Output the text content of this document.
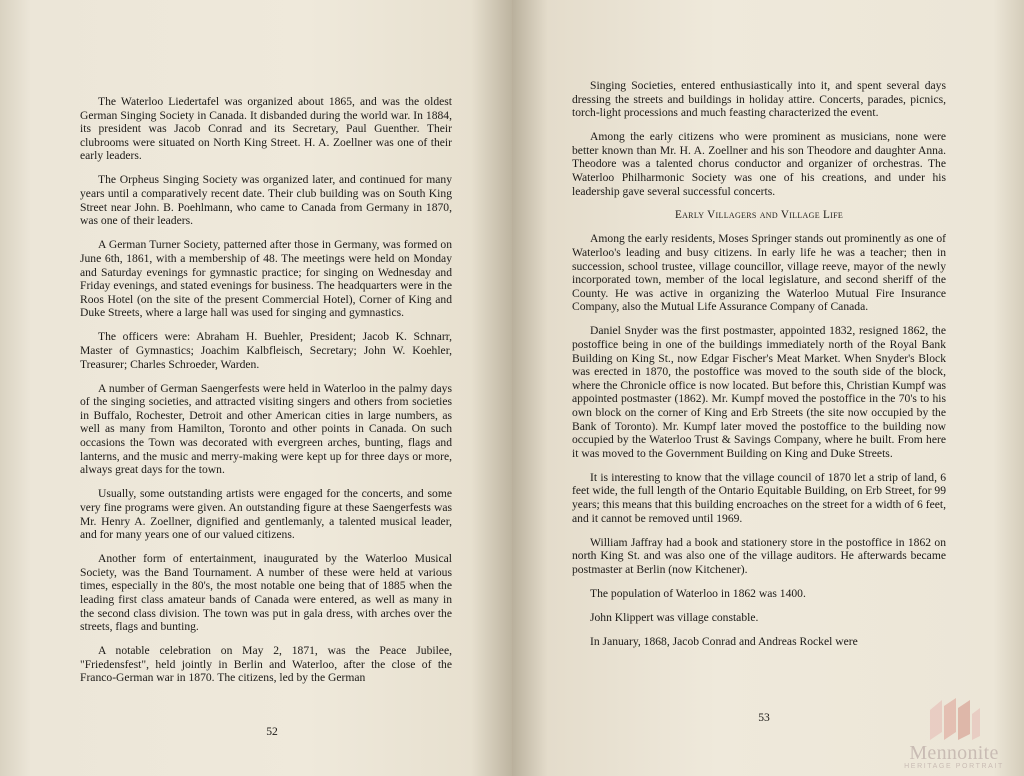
The Waterloo Liedertafel was organized about 1865, and was the oldest German Singing Society in Canada. It disbanded during the world war. In 1884, its president was Jacob Conrad and its Secretary, Paul Guenther. Their clubrooms were situated on North King Street. H. A. Zoellner was one of their early leaders.

The Orpheus Singing Society was organized later, and continued for many years until a comparatively recent date. Their club building was on South King Street near John. B. Poehlmann, who came to Canada from Germany in 1870, was one of their leaders.

A German Turner Society, patterned after those in Germany, was formed on June 6th, 1861, with a membership of 48. The meetings were held on Monday and Saturday evenings for gymnastic practice; for singing on Wednesday and Friday evenings, and stated evenings for business. The headquarters were in the Roos Hotel (on the site of the present Commercial Hotel), Corner of King and Duke Streets, where a large hall was used for singing and gymnastics.

The officers were: Abraham H. Buehler, President; Jacob K. Schnarr, Master of Gymnastics; Joachim Kalbfleisch, Secretary; John W. Koehler, Treasurer; Charles Schroeder, Warden.

A number of German Saengerfests were held in Waterloo in the palmy days of the singing societies, and attracted visiting singers and others from societies in Buffalo, Rochester, Detroit and other American cities in large numbers, as well as many from Hamilton, Toronto and other points in Canada. On such occasions the Town was decorated with evergreen arches, bunting, flags and lanterns, and the music and merry-making were kept up for three days or more, always great days for the town.

Usually, some outstanding artists were engaged for the concerts, and some very fine programs were given. An outstanding figure at these Saengerfests was Mr. Henry A. Zoellner, dignified and gentlemanly, a talented musical leader, and for many years one of our valued citizens.

Another form of entertainment, inaugurated by the Waterloo Musical Society, was the Band Tournament. A number of these were held at various times, especially in the 80's, the most notable one being that of 1885 when the leading first class amateur bands of Canada were entered, as well as many in the second class division. The town was put in gala dress, with arches over the streets, flags and bunting.

A notable celebration on May 2, 1871, was the Peace Jubilee, "Friedensfest", held jointly in Berlin and Waterloo, after the close of the Franco-German war in 1870. The citizens, led by the German

52

Singing Societies, entered enthusiastically into it, and spent several days dressing the streets and buildings in holiday attire. Concerts, parades, picnics, torch-light processions and much feasting characterized the event.

Among the early citizens who were prominent as musicians, none were better known than Mr. H. A. Zoellner and his son Theodore and daughter Anna. Theodore was a talented chorus conductor and organizer of orchestras. The Waterloo Philharmonic Society was one of his creations, and under his leadership gave several successful concerts.

Early Villagers and Village Life

Among the early residents, Moses Springer stands out prominently as one of Waterloo's leading and busy citizens. In early life he was a teacher; then in succession, school trustee, village councillor, village reeve, mayor of the newly incorporated town, member of the local legislature, and second sheriff of the County. He was active in organizing the Waterloo Mutual Fire Insurance Company, also the Mutual Life Assurance Company of Canada.

Daniel Snyder was the first postmaster, appointed 1832, resigned 1862, the postoffice being in one of the buildings immediately north of the Royal Bank Building on King St., now Edgar Fischer's Meat Market. When Snyder's Block was erected in 1870, the postoffice was moved to the south side of the block, where the Chronicle office is now located. But before this, Christian Kumpf was appointed postmaster (1862). Mr. Kumpf moved the postoffice in the 70's to his own block on the corner of King and Erb Streets (the site now occupied by the Bank of Toronto). Mr. Kumpf later moved the postoffice to the building now occupied by the Waterloo Trust & Savings Company, where he built. From here it was moved to the Government Building on King and Duke Streets.

It is interesting to know that the village council of 1870 let a strip of land, 6 feet wide, the full length of the Ontario Equitable Building, on Erb Street, for 99 years; this means that this building encroaches on the street for a width of 6 feet, and it cannot be removed until 1969.

William Jaffray had a book and stationery store in the postoffice in 1862 on north King St. and was also one of the village auditors. He afterwards became postmaster at Berlin (now Kitchener).

The population of Waterloo in 1862 was 1400.

John Klippert was village constable.

In January, 1868, Jacob Conrad and Andreas Rockel were

53
Mennonite
HERITAGE PORTRAIT
